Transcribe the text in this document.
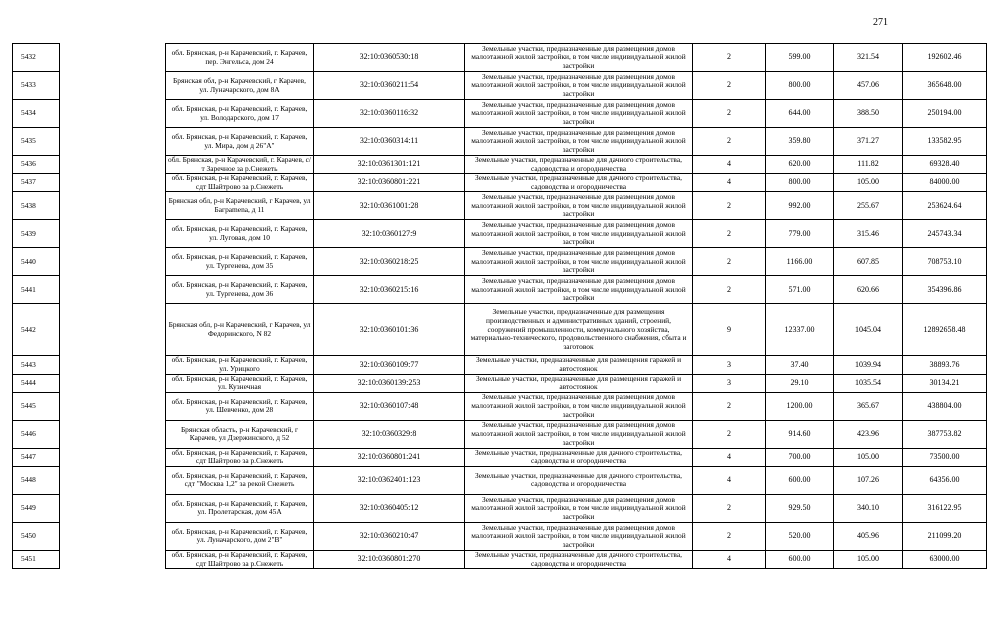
271
5432		обл. Брянская, р-н Карачевский, г. Карачев, пер. Энгельса, дом 24	32:10:0360530:18	Земельные участки, предназначенные для размещения домов малоэтажной жилой застройки, в том числе индивидуальной жилой застройки	2	599.00	321.54	192602.46
5433		Брянская обл, р-н Карачевский, г Карачев, ул. Луначарского, дом 8А	32:10:0360211:54	Земельные участки, предназначенные для размещения домов малоэтажной жилой застройки, в том числе индивидуальной жилой застройки	2	800.00	457.06	365648.00
5434		обл. Брянская, р-н Карачевский, г. Карачев, ул. Володарского, дом 17	32:10:0360116:32	Земельные участки, предназначенные для размещения домов малоэтажной жилой застройки, в том числе индивидуальной жилой застройки	2	644.00	388.50	250194.00
5435		обл. Брянская, р-н Карачевский, г. Карачев, ул. Мира, дом д 26"А"	32:10:0360314:11	Земельные участки, предназначенные для размещения домов малоэтажной жилой застройки, в том числе индивидуальной жилой застройки	2	359.80	371.27	133582.95
5436		обл. Брянская, р-н Карачевский, г. Карачев, с/т Заречное за р.Снежеть	32:10:0361301:121	Земельные участки, предназначенные для дачного строительства, садоводства и огородничества	4	620.00	111.82	69328.40
5437		обл. Брянская, р-н Карачевский, г. Карачев, сдт Шайтрово за р.Снежеть	32:10:0360801:221	Земельные участки, предназначенные для дачного строительства, садоводства и огородничества	4	800.00	105.00	84000.00
5438		Брянская обл, р-н Карачевский, г Карачев, ул Багрamenа, д 11	32:10:0361001:28	Земельные участки, предназначенные для размещения домов малоэтажной жилой застройки, в том числе индивидуальной жилой застройки	2	992.00	255.67	253624.64
5439		обл. Брянская, р-н Карачевский, г. Карачев, ул. Луговая, дом 10	32:10:0360127:9	Земельные участки, предназначенные для размещения домов малоэтажной жилой застройки, в том числе индивидуальной жилой застройки	2	779.00	315.46	245743.34
5440		обл. Брянская, р-н Карачевский, г. Карачев, ул. Тургенева, дом 35	32:10:0360218:25	Земельные участки, предназначенные для размещения домов малоэтажной жилой застройки, в том числе индивидуальной жилой застройки	2	1166.00	607.85	708753.10
5441		обл. Брянская, р-н Карачевский, г. Карачев, ул. Тургенева, дом 36	32:10:0360215:16	Земельные участки, предназначенные для размещения домов малоэтажной жилой застройки, в том числе индивидуальной жилой застройки	2	571.00	620.66	354396.86
5442		Брянская обл, р-н Карачевский, г Карачев, ул Федоринского, N 82	32:10:0360101:36	Земельные участки, предназначенные для размещения производственных и административных зданий, строений, сооружений промышленности, коммунального хозяйства, материально-технического, продовольственного снабжения, сбыта и заготовок	9	12337.00	1045.04	12892658.48
5443		обл. Брянская, р-н Карачевский, г. Карачев, ул. Урицкого	32:10:0360109:77	Земельные участки, предназначенные для размещения гаражей и автостоянок	3	37.40	1039.94	38893.76
5444		обл. Брянская, р-н Карачевский, г. Карачев, ул. Кузнечная	32:10:0360139:253	Земельные участки, предназначенные для размещения гаражей и автостоянок	3	29.10	1035.54	30134.21
5445		обл. Брянская, р-н Карачевский, г. Карачев, ул. Шевченко, дом 28	32:10:0360107:48	Земельные участки, предназначенные для размещения домов малоэтажной жилой застройки, в том числе индивидуальной жилой застройки	2	1200.00	365.67	438804.00
5446		Брянская область, р-н Карачевский, г Карачев, ул Дзержинского, д 52	32:10:0360329:8	Земельные участки, предназначенные для размещения домов малоэтажной жилой застройки, в том числе индивидуальной жилой застройки	2	914.60	423.96	387753.82
5447		обл. Брянская, р-н Карачевский, г. Карачев, сдт Шайтрово за р.Снежеть	32:10:0360801:241	Земельные участки, предназначенные для дачного строительства, садоводства и огородничества	4	700.00	105.00	73500.00
5448		обл. Брянская, р-н Карачевский, г. Карачев, сдт "Москва 1,2" за рекой Снежеть	32:10:0362401:123	Земельные участки, предназначенные для дачного строительства, садоводства и огородничества	4	600.00	107.26	64356.00
5449		обл. Брянская, р-н Карачевский, г. Карачев, ул. Пролетарская, дом 45А	32:10:0360405:12	Земельные участки, предназначенные для размещения домов малоэтажной жилой застройки, в том числе индивидуальной жилой застройки	2	929.50	340.10	316122.95
5450		обл. Брянская, р-н Карачевский, г. Карачев, ул. Луначарского, дом 2"В"	32:10:0360210:47	Земельные участки, предназначенные для размещения домов малоэтажной жилой застройки, в том числе индивидуальной жилой застройки	2	520.00	405.96	211099.20
5451		обл. Брянская, р-н Карачевский, г. Карачев, сдт Шайтрово за р.Снежеть	32:10:0360801:270	Земельные участки, предназначенные для дачного строительства, садоводства и огородничества	4	600.00	105.00	63000.00
